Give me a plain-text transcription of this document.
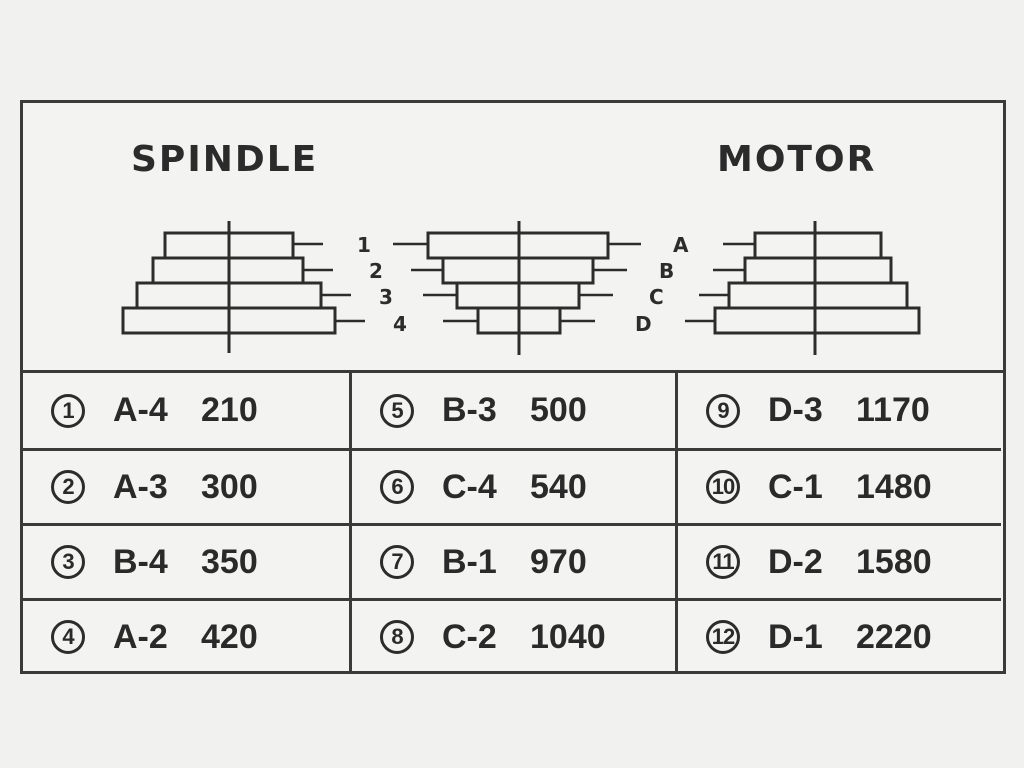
SPINDLE	MOTOR
1
2
3
4
A
B
C
D
1	A-4 210
2	A-3 300
3	B-4 350
4	A-2 420
5	B-3 500
6	C-4 540
7	B-1 970
8	C-2 1040
9	D-3 1170
10 C-1 1480
11 D-2 1580
12 D-1 2220
